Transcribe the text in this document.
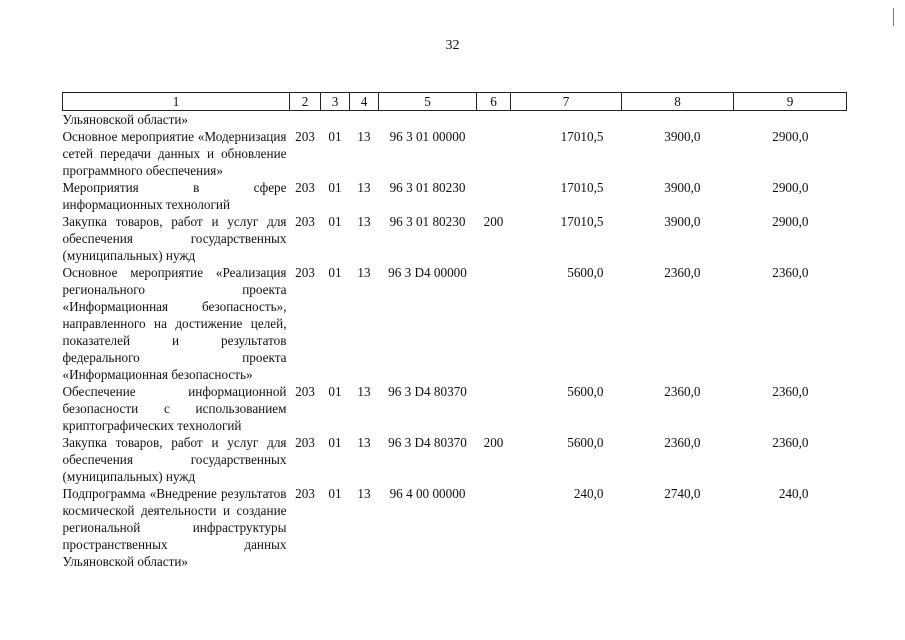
32
1	2	3	4	5	6	7	8	9
Ульяновской области»								
Основное мероприятие «Модернизация сетей передачи данных и обновление программного обеспечения»	203	01	13	96 3 01 00000		17010,5	3900,0	2900,0
Мероприятия в сфере информационных технологий	203	01	13	96 3 01 80230		17010,5	3900,0	2900,0
Закупка товаров, работ и услуг для обеспечения государственных (муниципальных) нужд	203	01	13	96 3 01 80230	200	17010,5	3900,0	2900,0
Основное мероприятие «Реализация регионального проекта «Информационная безопасность», направленного на достижение целей, показателей и результатов федерального проекта «Информационная безопасность»	203	01	13	96 3 D4 00000		5600,0	2360,0	2360,0
Обеспечение информационной безопасности с использованием криптографических технологий	203	01	13	96 3 D4 80370		5600,0	2360,0	2360,0
Закупка товаров, работ и услуг для обеспечения государственных (муниципальных) нужд	203	01	13	96 3 D4 80370	200	5600,0	2360,0	2360,0
Подпрограмма «Внедрение результатов космической деятельности и создание региональной инфраструктуры пространственных данных Ульяновской области»	203	01	13	96 4 00 00000		240,0	2740,0	240,0
